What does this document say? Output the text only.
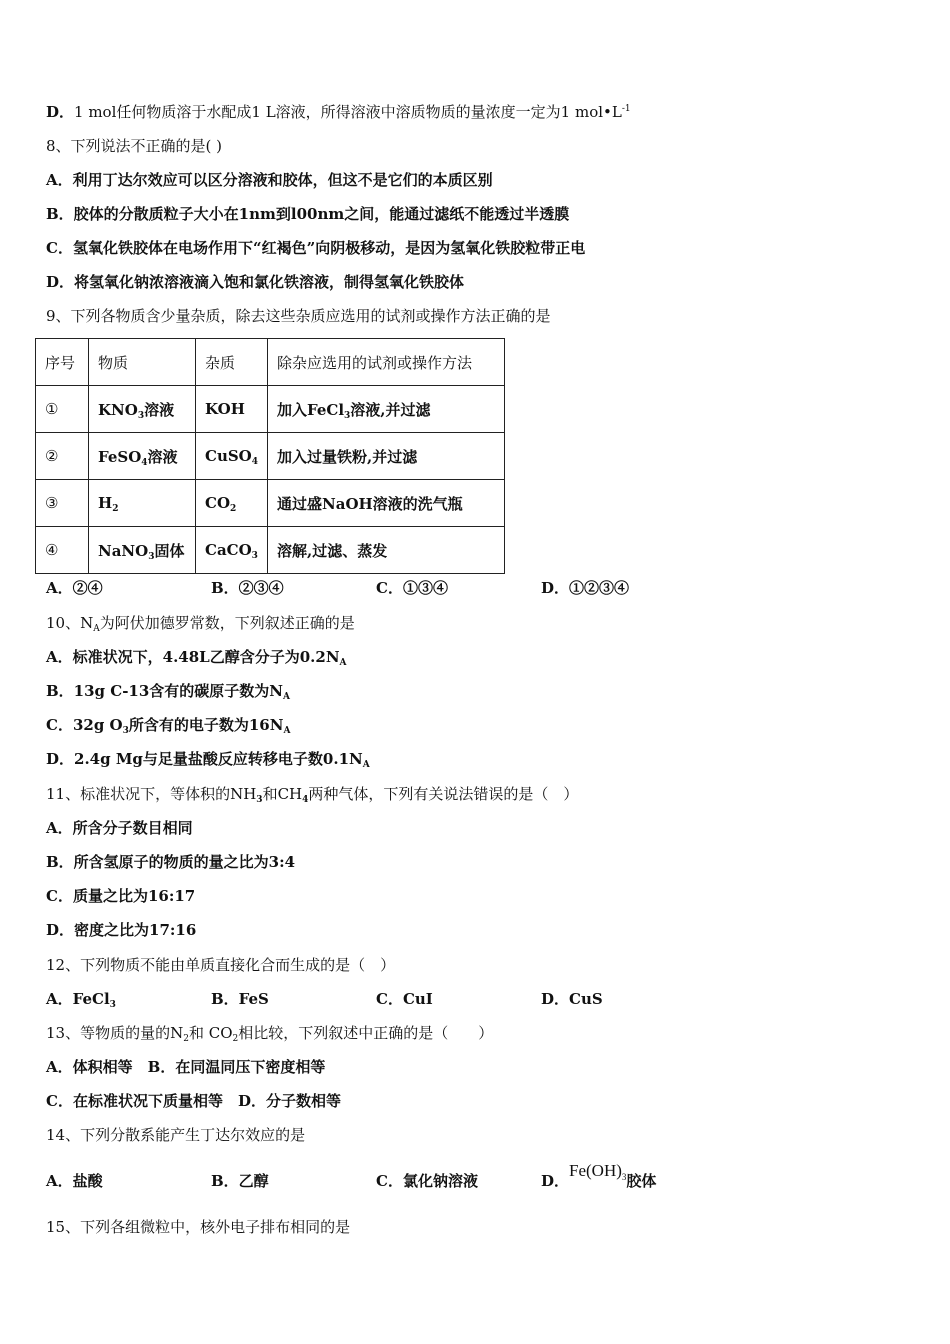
D．1 mol任何物质溶于水配成1 L溶液，所得溶液中溶质物质的量浓度一定为1 $mol•L^{-1}$
8、下列说法不正确的是( )
A．利用丁达尔效应可以区分溶液和胶体，但这不是它们的本质区别
B．胶体的分散质粒子大小在1nm到l00nm之间，能通过滤纸不能透过半透膜
C．氢氧化铁胶体在电场作用下“红褐色”向阴极移动，是因为氢氧化铁胶粒带正电
D．将氢氧化钠浓溶液滴入饱和氯化铁溶液，制得氢氧化铁胶体
9、下列各物质含少量杂质，除去这些杂质应选用的试剂或操作方法正确的是
序号	物质	杂质	除杂应选用的试剂或操作方法
①	$KNO_3$溶液	KOH	加入FeCl$_3$溶液,并过滤
②	FeSO$_4$溶液	CuSO$_4$	加入过量铁粉,并过滤
③	$H_2$	$CO_2$	通过盛NaOH溶液的洗气瓶
④	NaNO$_3$固体	CaCO$_3$	溶解,过滤、蒸发
A．②④	B．②③④	C．①③④	D．①②③④
10、$N_A$为阿伏加德罗常数，下列叙述正确的是
A．标准状况下，4.48L乙醇含分子为$0.2N_A$
B．13g C-13含有的碳原子数为$N_A$
C．32g $O_3$所含有的电子数为$16N_A$
D．2.4g Mg与足量盐酸反应转移电子数$0.1N_A$
11、标准状况下，等体积的$NH_3$和$CH_4$两种气体，下列有关说法错误的是（　）
A．所含分子数目相同
B．所含氢原子的物质的量之比为3:4
C．质量之比为16:17
D．密度之比为17:16
12、下列物质不能由单质直接化合而生成的是（　）
A．FeCl$_3$	B．FeS	C．CuI	D．CuS
13、等物质的量的$N_2$和 $CO_2$相比较，下列叙述中正确的是（　　）
A．体积相等　B．在同温同压下密度相等
C．在标准状况下质量相等　D．分子数相等
14、下列分散系能产生丁达尔效应的是
A．盐酸	B．乙醇	C．氯化钠溶液	D．$Fe(OH)_3$胶体
15、下列各组微粒中，核外电子排布相同的是
